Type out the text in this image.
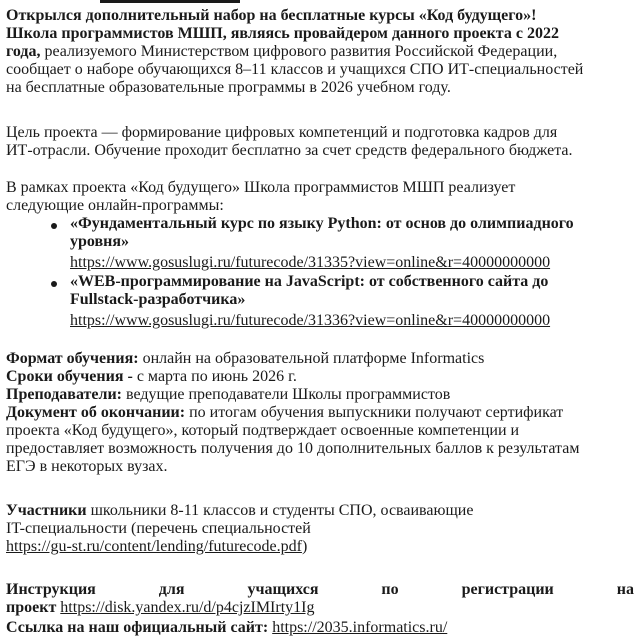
Открылся дополнительный набор на бесплатные курсы «Код будущего»!
Школа программистов МШП, являясь провайдером данного проекта с 2022
года, реализуемого Министерством цифрового развития Российской Федерации,
сообщает о наборе обучающихся 8–11 классов и учащихся СПО ИТ-специальностей
на бесплатные образовательные программы в 2026 учебном году.
Цель проекта — формирование цифровых компетенций и подготовка кадров для
ИТ-отрасли. Обучение проходит бесплатно за счет средств федерального бюджета.
В рамках проекта «Код будущего» Школа программистов МШП реализует
следующие онлайн-программы:
«Фундаментальный курс по языку Python: от основ до олимпиадного
уровня»
https://www.gosuslugi.ru/futurecode/31335?view=online&r=40000000000
«WEB-программирование на JavaScript: от собственного сайта до
Fullstack-разработчика»
https://www.gosuslugi.ru/futurecode/31336?view=online&r=40000000000
Формат обучения: онлайн на образовательной платформе Informatics
Сроки обучения - с марта по июнь 2026 г.
Преподаватели: ведущие преподаватели Школы программистов
Документ об окончании: по итогам обучения выпускники получают сертификат
проекта «Код будущего», который подтверждает освоенные компетенции и
предоставляет возможность получения до 10 дополнительных баллов к результатам
ЕГЭ в некоторых вузах.
Участники школьники 8-11 классов и студенты СПО, осваивающие
IT-специальности (перечень специальностей
https://gu-st.ru/content/lending/futurecode.pdf)
Инструкция	для	учащихся	по	регистрации	на
проект https://disk.yandex.ru/d/p4cjzIMIrty1Ig
Ссылка на наш официальный сайт: https://2035.informatics.ru/
